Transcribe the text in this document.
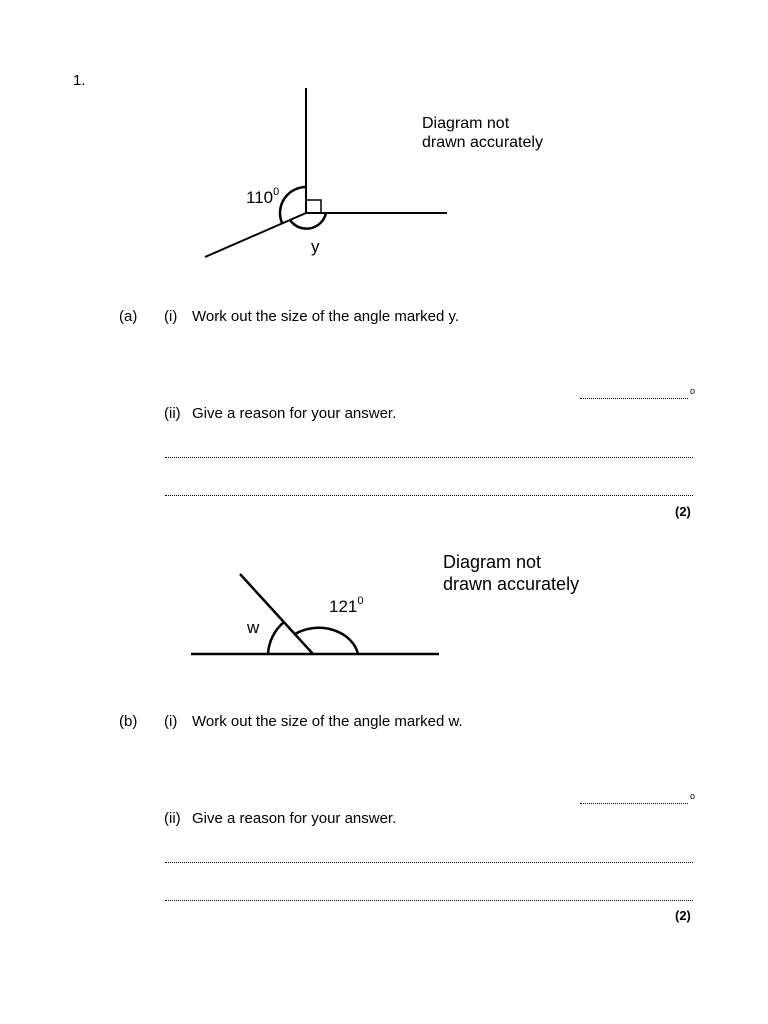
1.
$110^0$
y
Diagram not
drawn accurately
(a) (i) Work out the size of the angle marked y.
o
(ii) Give a reason for your answer.
(2)
$121^0$
w
Diagram not
drawn accurately
(b) (i) Work out the size of the angle marked w.
o
(ii) Give a reason for your answer.
(2)
